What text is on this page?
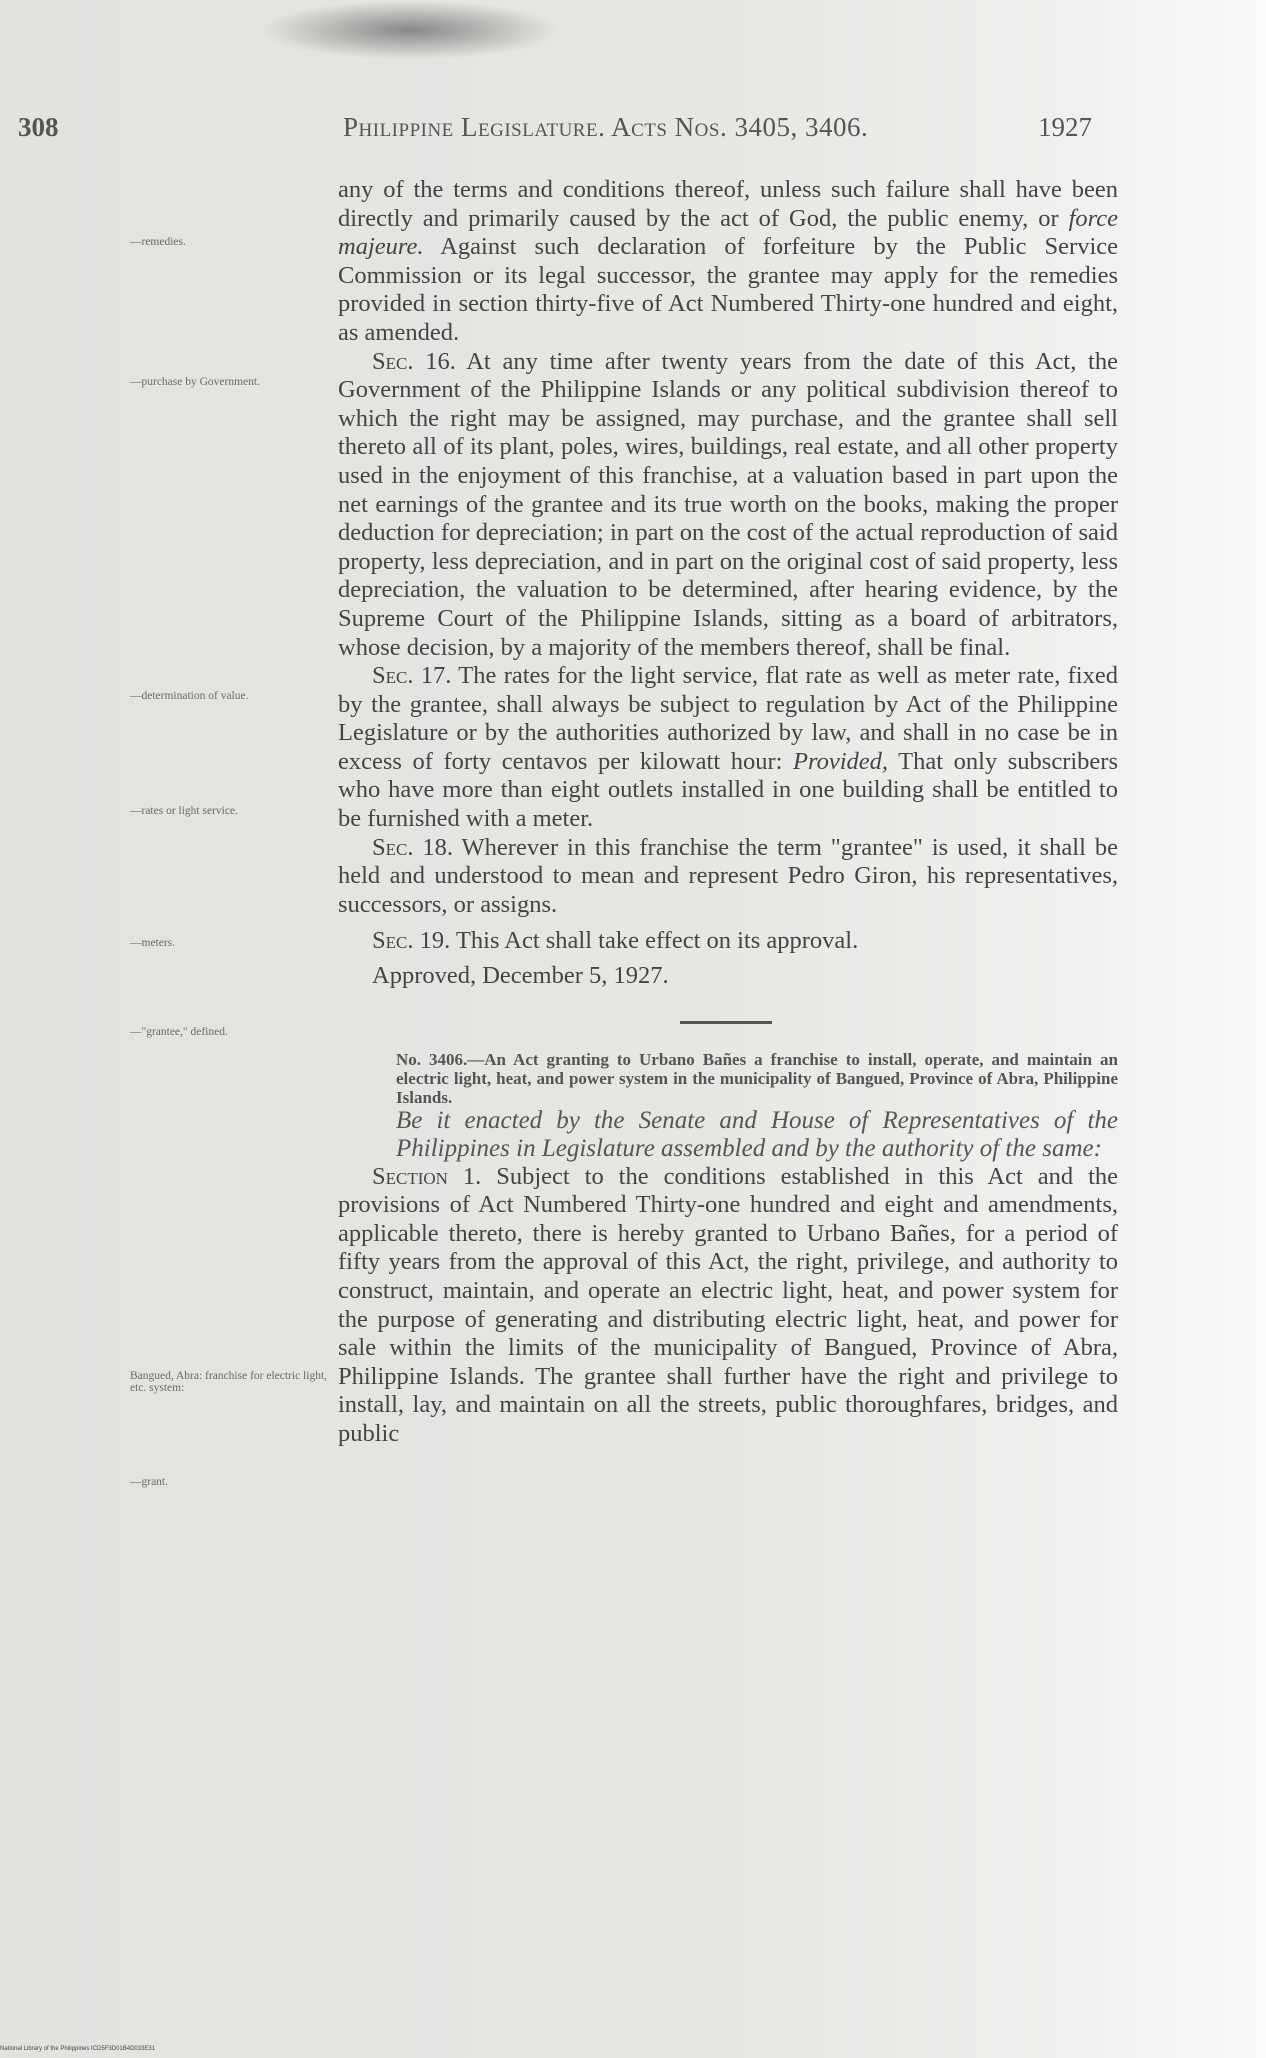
308	Philippine Legislature. Acts Nos. 3405, 3406.	1927
—remedies.
—purchase by Government.
—determination of value.
—rates or light service.
—meters.
—"grantee," defined.
Bangued, Abra: franchise for electric light, etc. system:
—grant.

any of the terms and conditions thereof, unless such failure shall have been directly and primarily caused by the act of God, the public enemy, or force majeure. Against such declaration of forfeiture by the Public Service Commission or its legal successor, the grantee may apply for the remedies provided in section thirty-five of Act Numbered Thirty-one hundred and eight, as amended.

Sec. 16. At any time after twenty years from the date of this Act, the Government of the Philippine Islands or any political subdivision thereof to which the right may be assigned, may purchase, and the grantee shall sell thereto all of its plant, poles, wires, buildings, real estate, and all other property used in the enjoyment of this franchise, at a valuation based in part upon the net earnings of the grantee and its true worth on the books, making the proper deduction for depreciation; in part on the cost of the actual reproduction of said property, less depreciation, and in part on the original cost of said property, less depreciation, the valuation to be determined, after hearing evidence, by the Supreme Court of the Philippine Islands, sitting as a board of arbitrators, whose decision, by a majority of the members thereof, shall be final.

Sec. 17. The rates for the light service, flat rate as well as meter rate, fixed by the grantee, shall always be subject to regulation by Act of the Philippine Legislature or by the authorities authorized by law, and shall in no case be in excess of forty centavos per kilowatt hour: Provided, That only subscribers who have more than eight outlets installed in one building shall be entitled to be furnished with a meter.

Sec. 18. Wherever in this franchise the term "grantee" is used, it shall be held and understood to mean and represent Pedro Giron, his representatives, successors, or assigns.

Sec. 19. This Act shall take effect on its approval.

Approved, December 5, 1927.

No. 3406.—An Act granting to Urbano Bañes a franchise to install, operate, and maintain an electric light, heat, and power system in the municipality of Bangued, Province of Abra, Philippine Islands.

Be it enacted by the Senate and House of Representatives of the Philippines in Legislature assembled and by the authority of the same:

Section 1. Subject to the conditions established in this Act and the provisions of Act Numbered Thirty-one hundred and eight and amendments, applicable thereto, there is hereby granted to Urbano Bañes, for a period of fifty years from the approval of this Act, the right, privilege, and authority to construct, maintain, and operate an electric light, heat, and power system for the purpose of generating and distributing electric light, heat, and power for sale within the limits of the municipality of Bangued, Province of Abra, Philippine Islands. The grantee shall further have the right and privilege to install, lay, and maintain on all the streets, public thoroughfares, bridges, and public

National Library of the Philippines ICD5F3D01B4D033E31
